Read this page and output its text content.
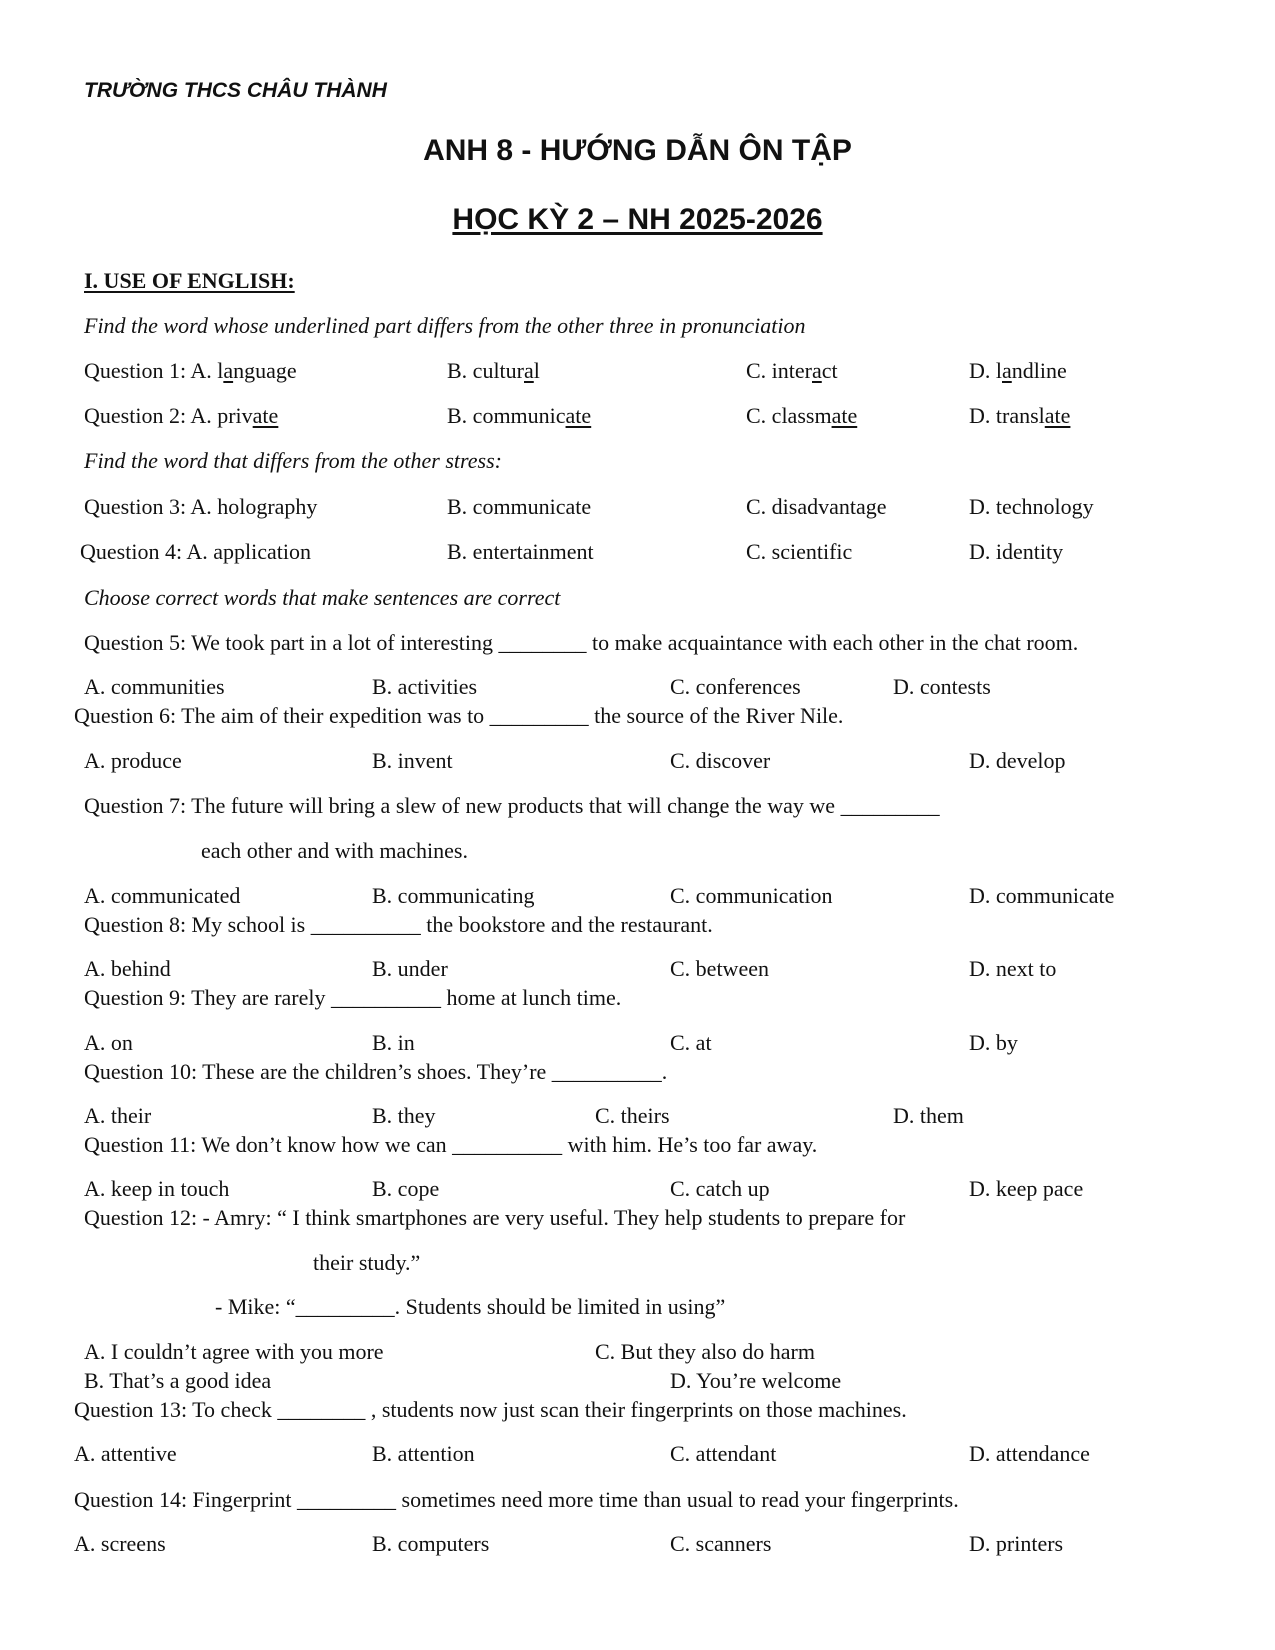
TRƯỜNG THCS CHÂU THÀNH
ANH 8 - HƯỚNG DẪN ÔN TẬP
HỌC KỲ 2 – NH 2025-2026
I. USE OF ENGLISH:
Find the word whose underlined part differs from the other three in pronunciation
Question 1: A. language	B. cultural	C. interact	D. landline
Question 2: A. private	B. communicate	C. classmate	D. translate
Find the word that differs from the other stress:
Question 3: A. holography	B. communicate	C. disadvantage	D. technology
Question 4: A. application	B. entertainment	C. scientific	D. identity
Choose correct words that make sentences are correct
Question 5: We took part in a lot of interesting ________ to make acquaintance with each other in the chat room.
A. communities	B. activities	C. conferences	D. contests
Question 6: The aim of their expedition was to _________ the source of the River Nile.
A. produce	B. invent	C. discover	D. develop
Question 7: The future will bring a slew of new products that will change the way we _________
each other and with machines.
A. communicated	B. communicating	C. communication	D. communicate
Question 8: My school is __________ the bookstore and the restaurant.
A. behind	B. under	C. between	D. next to
Question 9: They are rarely __________ home at lunch time.
A. on	B. in	C. at	D. by
Question 10: These are the children’s shoes. They’re __________.
A. their	B. they	C. theirs	D. them
Question 11: We don’t know how we can __________ with him. He’s too far away.
A. keep in touch	B. cope	C. catch up	D. keep pace
Question 12: - Amry: “ I think smartphones are very useful. They help students to prepare for
their study.”
- Mike: “_________. Students should be limited in using”
A. I couldn’t agree with you more	C. But they also do harm
B. That’s a good idea	D. You’re welcome
Question 13: To check ________ , students now just scan their fingerprints on those machines.
A. attentive	B. attention	C. attendant	D. attendance
Question 14: Fingerprint _________ sometimes need more time than usual to read your fingerprints.
A. screens	B. computers	C. scanners	D. printers
